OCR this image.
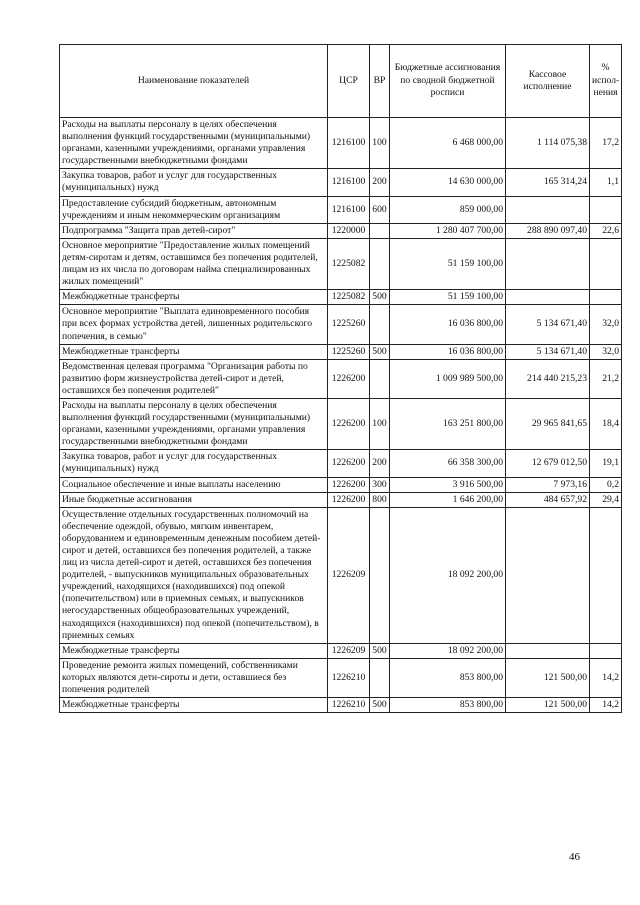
Наименование показателей	ЦСР	ВР	Бюджетные ассигнования по сводной бюджетной росписи	Кассовое исполнение	% испол-нения
Расходы на выплаты персоналу в целях обеспечения выполнения функций государственными (муниципальными) органами, казенными учреждениями, органами управления государственными внебюджетными фондами	1216100	100	6 468 000,00	1 114 075,38	17,2
Закупка товаров, работ и услуг для государственных (муниципальных) нужд	1216100	200	14 630 000,00	165 314,24	1,1
Предоставление субсидий бюджетным, автономным учреждениям и иным некоммерческим организациям	1216100	600	859 000,00		
Подпрограмма "Защита прав детей-сирот"	1220000		1 280 407 700,00	288 890 097,40	22,6
Основное мероприятие "Предоставление жилых помещений детям-сиротам и детям, оставшимся без попечения родителей, лицам из их числа по договорам найма специализированных жилых помещений"	1225082		51 159 100,00		
Межбюджетные трансферты	1225082	500	51 159 100,00		
Основное мероприятие "Выплата единовременного пособия при всех формах устройства детей, лишенных родительского попечения, в семью"	1225260		16 036 800,00	5 134 671,40	32,0
Межбюджетные трансферты	1225260	500	16 036 800,00	5 134 671,40	32,0
Ведомственная целевая программа "Организация работы по развитию форм жизнеустройства детей-сирот и детей, оставшихся без попечения родителей"	1226200		1 009 989 500,00	214 440 215,23	21,2
Расходы на выплаты персоналу в целях обеспечения выполнения функций государственными (муниципальными) органами, казенными учреждениями, органами управления государственными внебюджетными фондами	1226200	100	163 251 800,00	29 965 841,65	18,4
Закупка товаров, работ и услуг для государственных (муниципальных) нужд	1226200	200	66 358 300,00	12 679 012,50	19,1
Социальное обеспечение и иные выплаты населению	1226200	300	3 916 500,00	7 973,16	0,2
Иные бюджетные ассигнования	1226200	800	1 646 200,00	484 657,92	29,4
Осуществление отдельных государственных полномочий на обеспечение одеждой, обувью, мягким инвентарем, оборудованием и единовременным денежным пособием детей-сирот и детей, оставшихся без попечения родителей, а также лиц из числа детей-сирот и детей, оставшихся без попечения родителей, - выпускников муниципальных образовательных учреждений, находящихся (находившихся) под опекой (попечительством) или в приемных семьях, и выпускников негосударственных общеобразовательных учреждений, находящихся (находившихся) под опекой (попечительством), в приемных семьях	1226209		18 092 200,00		
Межбюджетные трансферты	1226209	500	18 092 200,00		
Проведение ремонта жилых помещений, собственниками которых являются дети-сироты и дети, оставшиеся без попечения родителей	1226210		853 800,00	121 500,00	14,2
Межбюджетные трансферты	1226210	500	853 800,00	121 500,00	14,2
46
